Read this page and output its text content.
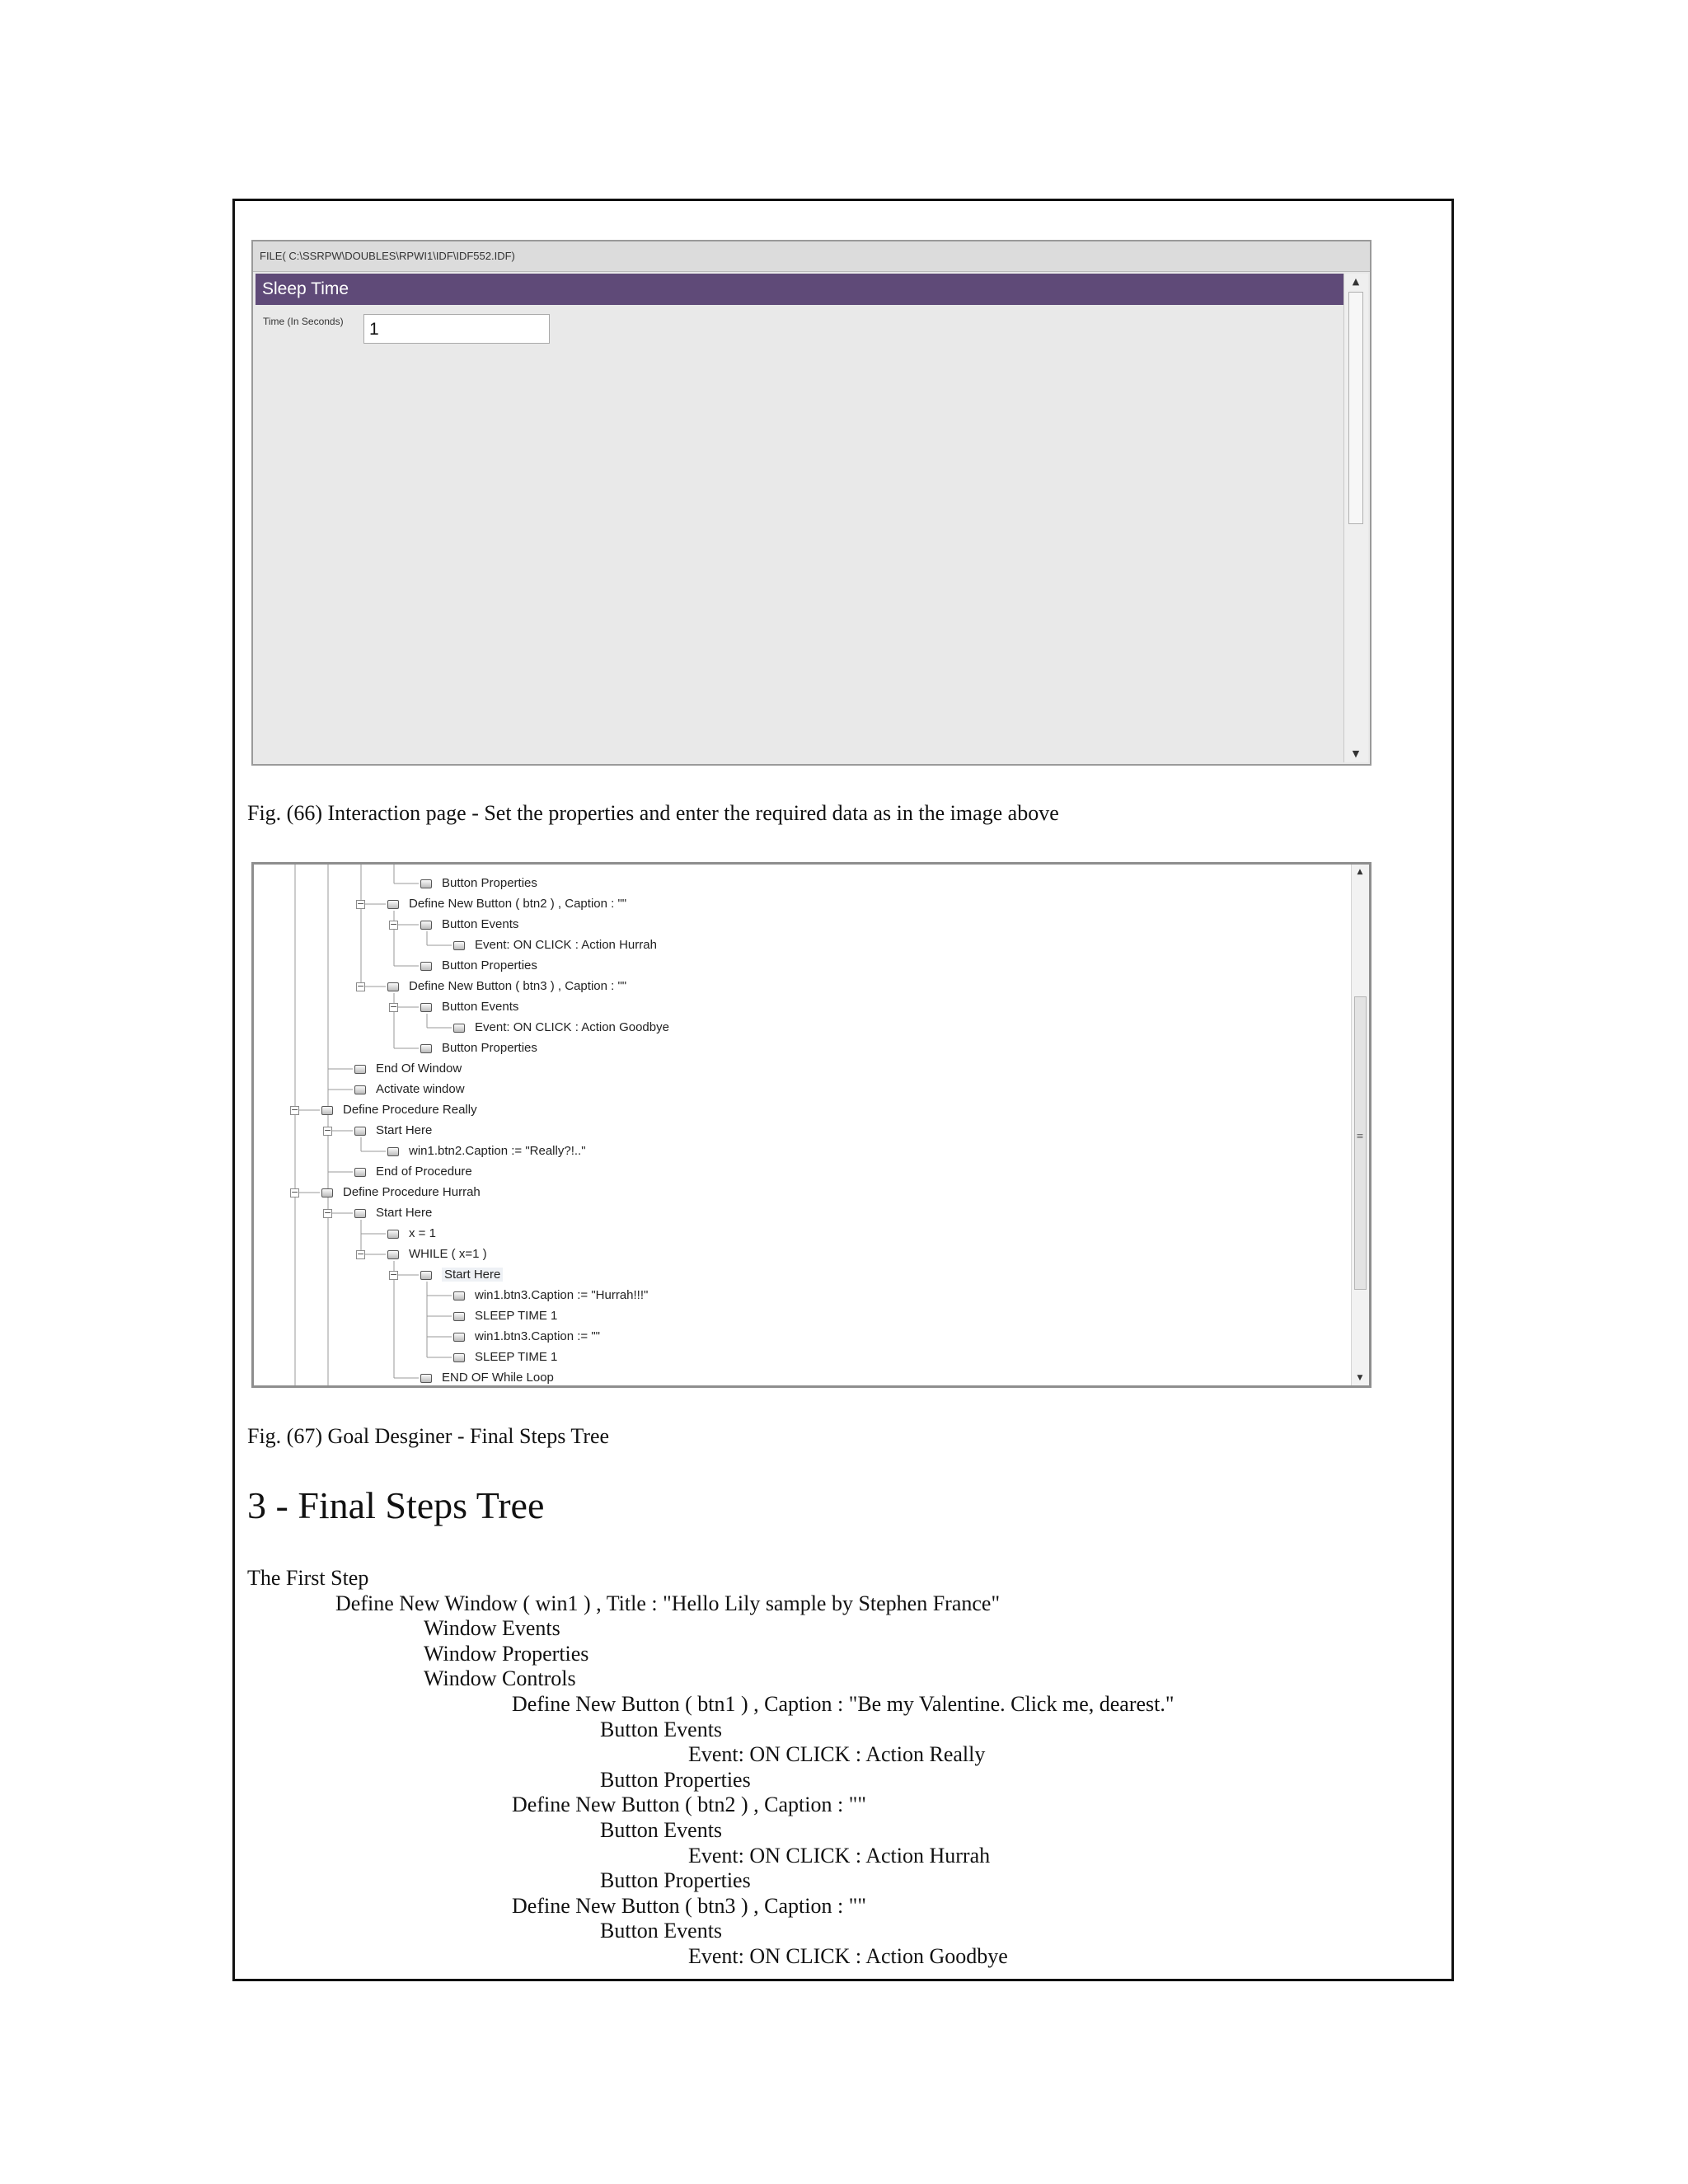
FILE( C:\SSRPW\DOUBLES\RPWI1\IDF\IDF552.IDF)
Sleep Time
Time (In Seconds)	1
▲
▼
Fig. (66) Interaction page - Set the properties and enter the required data as in the image above
▲
≡
▼
Button Properties
Define New Button ( btn2 ) , Caption : ""
−
Button Events
−
Event: ON CLICK : Action Hurrah
Button Properties
Define New Button ( btn3 ) , Caption : ""
−
Button Events
−
Event: ON CLICK : Action Goodbye
Button Properties
End Of Window
Activate window
Define Procedure Really
−
Start Here
−
win1.btn2.Caption := "Really?!.."
End of Procedure
Define Procedure Hurrah
−
Start Here
−
x = 1
WHILE ( x=1 )
−
Start Here
−
win1.btn3.Caption := "Hurrah!!!"
SLEEP TIME 1
win1.btn3.Caption := ""
SLEEP TIME 1
END OF While Loop
Fig. (67) Goal Desginer - Final Steps Tree
3 - Final Steps Tree
The First Step
Define New Window ( win1 ) , Title : "Hello Lily sample by Stephen France"
Window Events
Window Properties
Window Controls
Define New Button ( btn1 ) , Caption : "Be my Valentine. Click me, dearest."
Button Events
Event: ON CLICK : Action Really
Button Properties
Define New Button ( btn2 ) , Caption : ""
Button Events
Event: ON CLICK : Action Hurrah
Button Properties
Define New Button ( btn3 ) , Caption : ""
Button Events
Event: ON CLICK : Action Goodbye
